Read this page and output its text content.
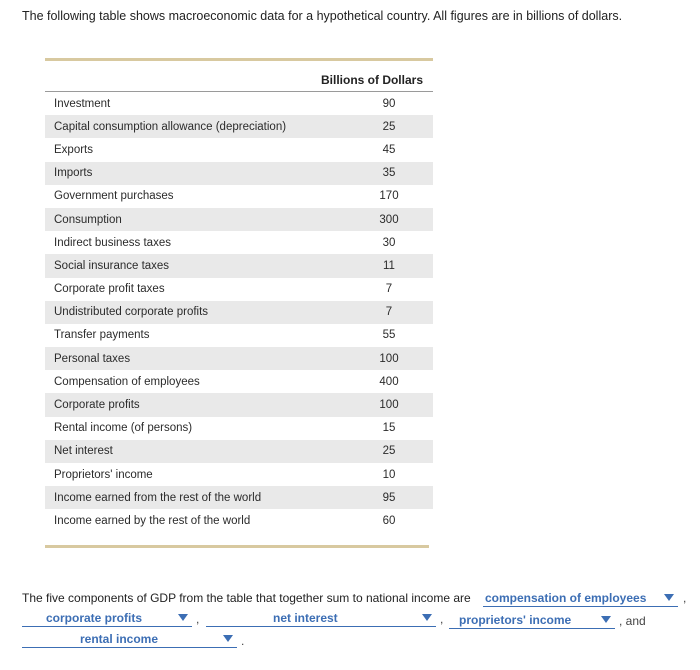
The following table shows macroeconomic data for a hypothetical country. All figures are in billions of dollars.
Billions of Dollars
Investment	90
Capital consumption allowance (depreciation)	25
Exports	45
Imports	35
Government purchases	170
Consumption	300
Indirect business taxes	30
Social insurance taxes	11
Corporate profit taxes	7
Undistributed corporate profits	7
Transfer payments	55
Personal taxes	100
Compensation of employees	400
Corporate profits	100
Rental income (of persons)	15
Net interest	25
Proprietors' income	10
Income earned from the rest of the world	95
Income earned by the rest of the world	60
The five components of GDP from the table that together sum to national income are compensation of employees	,
corporate profits	,	net interest	, proprietors' income	, and
rental income	.
